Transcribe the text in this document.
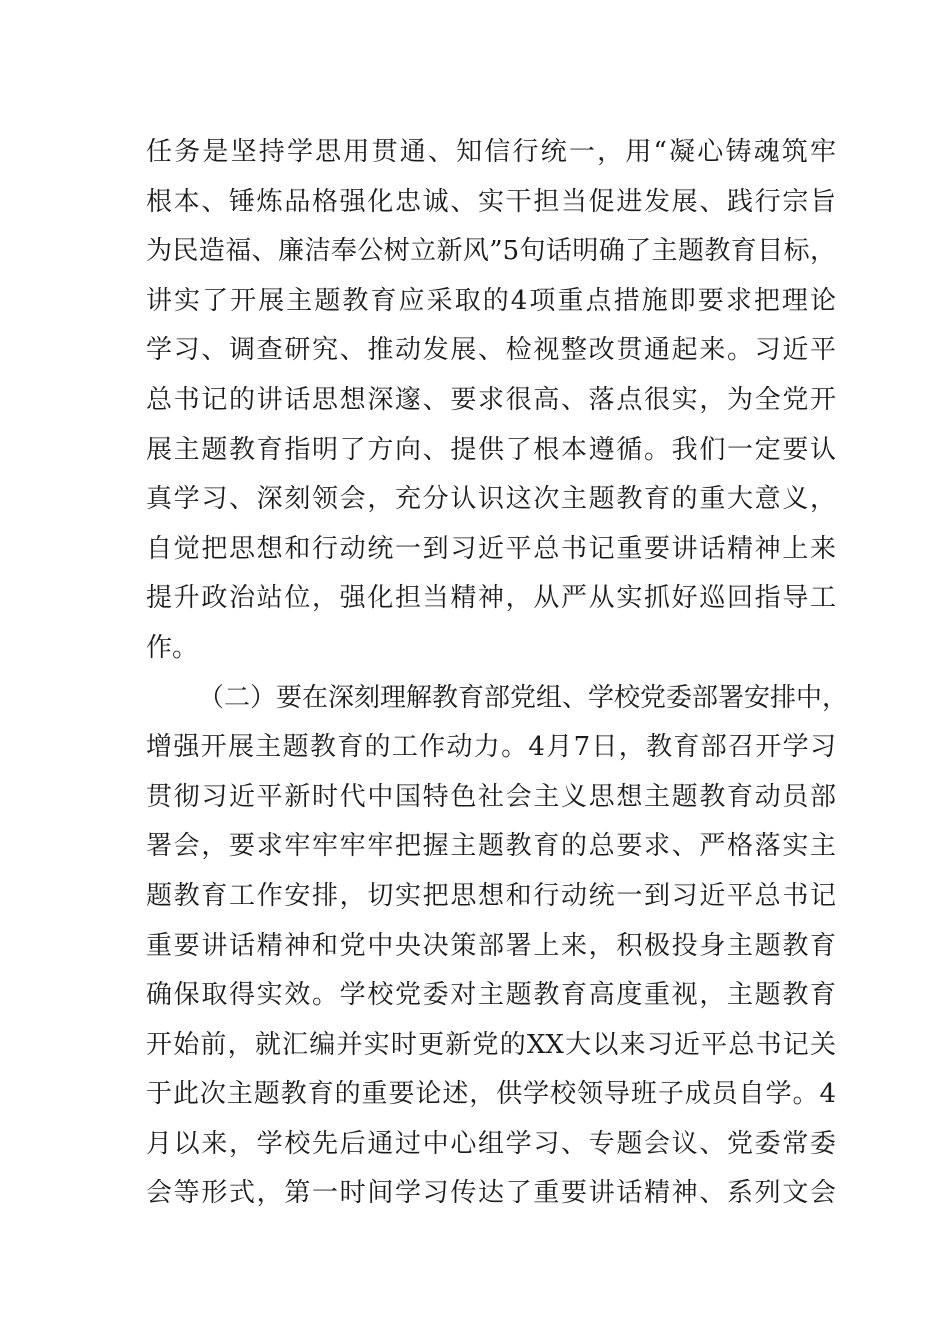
任务是坚持学思用贯通、知信行统一，用“凝心铸魂筑牢
根本、锤炼品格强化忠诚、实干担当促进发展、践行宗旨
为民造福、廉洁奉公树立新风”5句话明确了主题教育目标，
讲实了开展主题教育应采取的4项重点措施即要求把理论
学习、调查研究、推动发展、检视整改贯通起来。习近平
总书记的讲话思想深邃、要求很高、落点很实，为全党开
展主题教育指明了方向、提供了根本遵循。我们一定要认
真学习、深刻领会，充分认识这次主题教育的重大意义，
自觉把思想和行动统一到习近平总书记重要讲话精神上来
提升政治站位，强化担当精神，从严从实抓好巡回指导工
作。
（二）要在深刻理解教育部党组、学校党委部署安排中，
增强开展主题教育的工作动力。4月7日，教育部召开学习
贯彻习近平新时代中国特色社会主义思想主题教育动员部
署会，要求牢牢牢牢把握主题教育的总要求、严格落实主
题教育工作安排，切实把思想和行动统一到习近平总书记
重要讲话精神和党中央决策部署上来，积极投身主题教育
确保取得实效。学校党委对主题教育高度重视，主题教育
开始前，就汇编并实时更新党的XX大以来习近平总书记关
于此次主题教育的重要论述，供学校领导班子成员自学。4
月以来，学校先后通过中心组学习、专题会议、党委常委
会等形式，第一时间学习传达了重要讲话精神、系列文会
